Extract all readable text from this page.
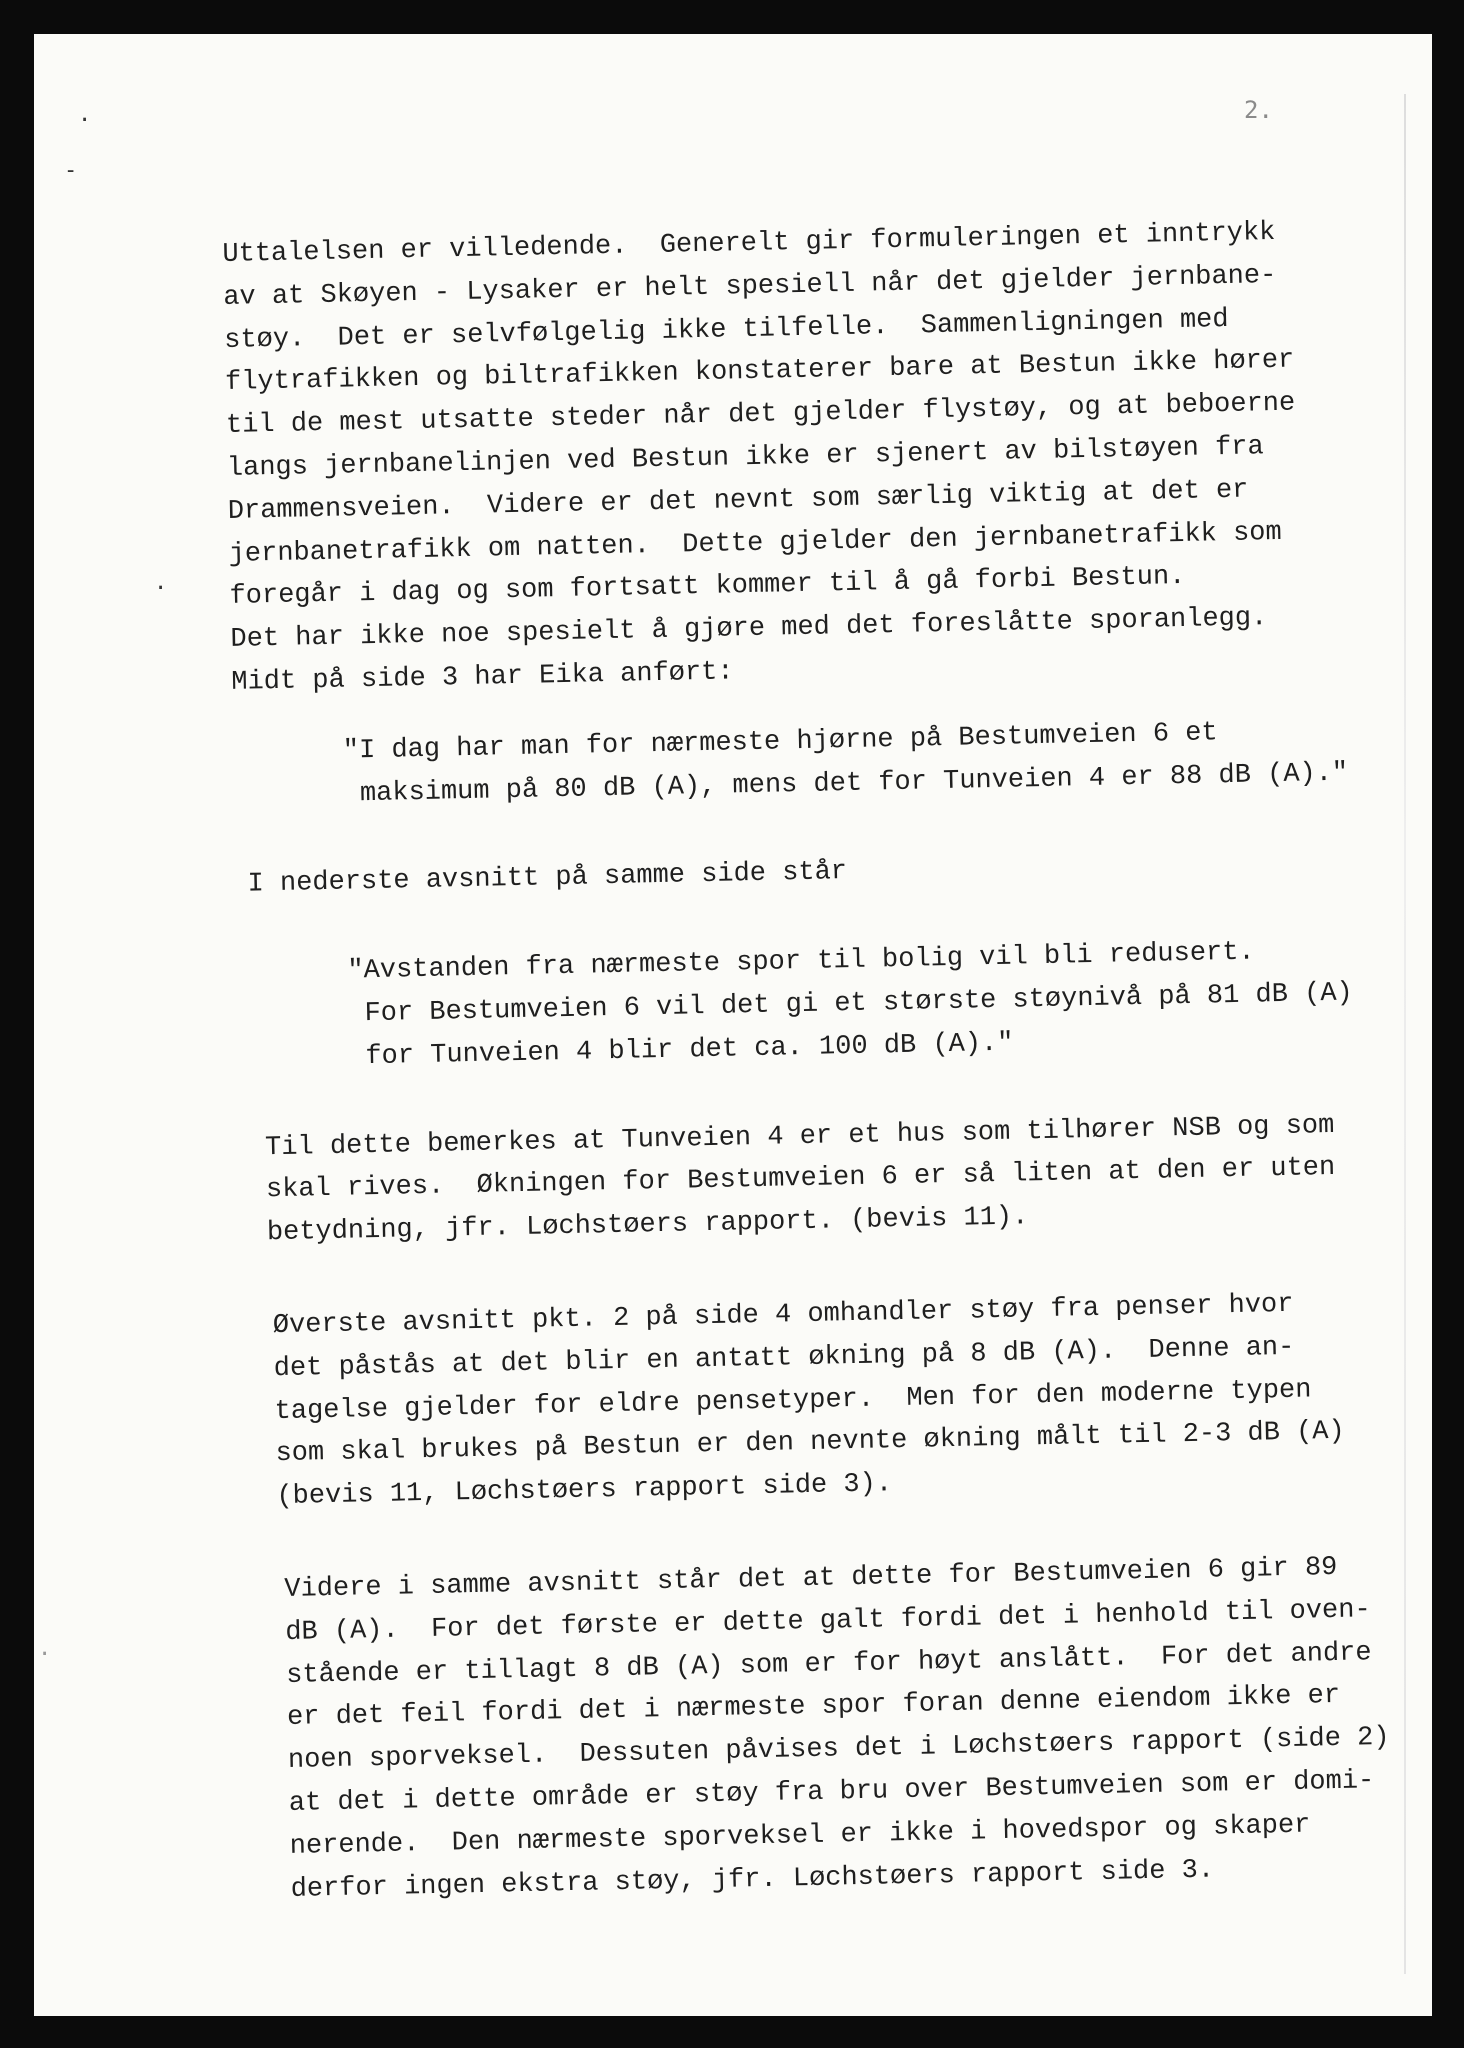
·
-
·
·
2.
Uttalelsen er villedende.  Generelt gir formuleringen et inntrykk
av at Skøyen - Lysaker er helt spesiell når det gjelder jernbane-
støy.  Det er selvfølgelig ikke tilfelle.  Sammenligningen med
flytrafikken og biltrafikken konstaterer bare at Bestun ikke hører
til de mest utsatte steder når det gjelder flystøy, og at beboerne
langs jernbanelinjen ved Bestun ikke er sjenert av bilstøyen fra
Drammensveien.  Videre er det nevnt som særlig viktig at det er
jernbanetrafikk om natten.  Dette gjelder den jernbanetrafikk som
foregår i dag og som fortsatt kommer til å gå forbi Bestun.
Det har ikke noe spesielt å gjøre med det foreslåtte sporanlegg.
Midt på side 3 har Eika anført:
"I dag har man for nærmeste hjørne på Bestumveien 6 et
maksimum på 80 dB (A), mens det for Tunveien 4 er 88 dB (A)."
I nederste avsnitt på samme side står
"Avstanden fra nærmeste spor til bolig vil bli redusert.
For Bestumveien 6 vil det gi et største støynivå på 81 dB (A)
for Tunveien 4 blir det ca. 100 dB (A)."
Til dette bemerkes at Tunveien 4 er et hus som tilhører NSB og som
skal rives.  Økningen for Bestumveien 6 er så liten at den er uten
betydning, jfr. Løchstøers rapport. (bevis 11).
Øverste avsnitt pkt. 2 på side 4 omhandler støy fra penser hvor
det påstås at det blir en antatt økning på 8 dB (A).  Denne an-
tagelse gjelder for eldre pensetyper.  Men for den moderne typen
som skal brukes på Bestun er den nevnte økning målt til 2-3 dB (A)
(bevis 11, Løchstøers rapport side 3).
Videre i samme avsnitt står det at dette for Bestumveien 6 gir 89
dB (A).  For det første er dette galt fordi det i henhold til oven-
stående er tillagt 8 dB (A) som er for høyt anslått.  For det andre
er det feil fordi det i nærmeste spor foran denne eiendom ikke er
noen sporveksel.  Dessuten påvises det i Løchstøers rapport (side 2)
at det i dette område er støy fra bru over Bestumveien som er domi-
nerende.  Den nærmeste sporveksel er ikke i hovedspor og skaper
derfor ingen ekstra støy, jfr. Løchstøers rapport side 3.
